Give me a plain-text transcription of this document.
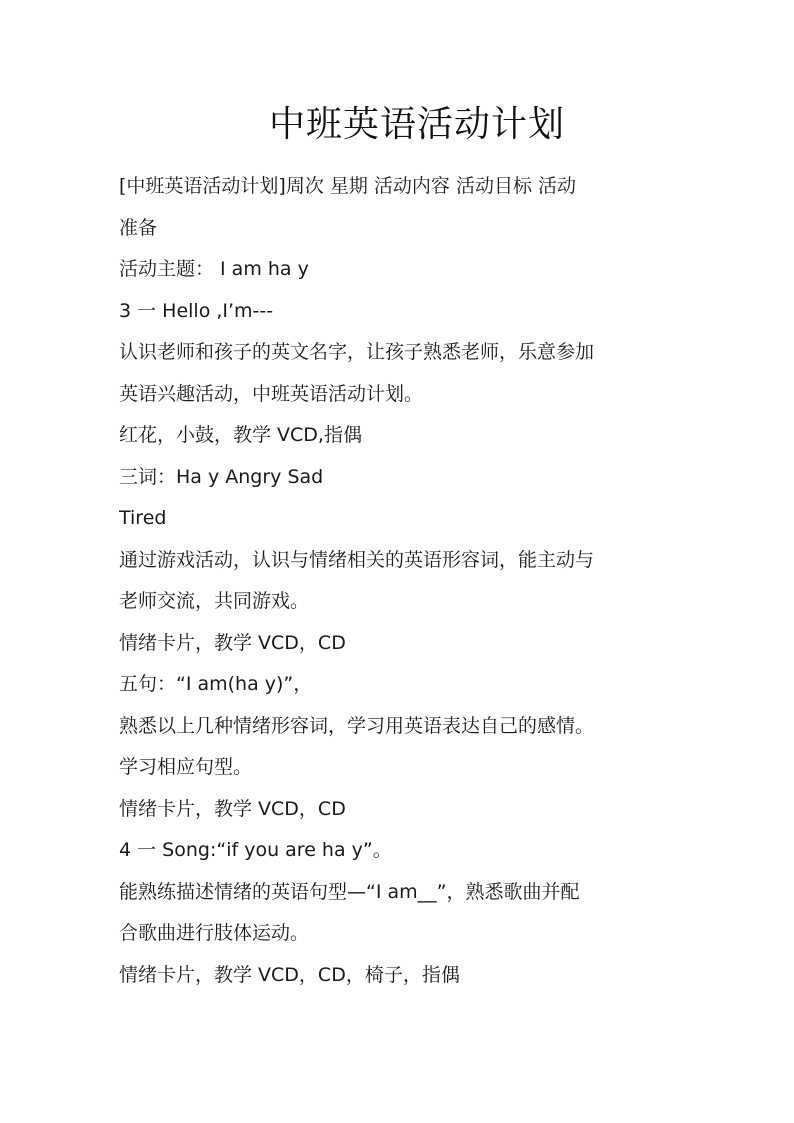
中班英语活动计划
[中班英语活动计划]周次 星期 活动内容 活动目标 活动
准备
活动主题： I am ha y
3 一 Hello ,I’m---
认识老师和孩子的英文名字，让孩子熟悉老师，乐意参加
英语兴趣活动，中班英语活动计划。
红花，小鼓，教学 VCD,指偶
三词：Ha y Angry Sad
Tired
通过游戏活动，认识与情绪相关的英语形容词，能主动与
老师交流，共同游戏。
情绪卡片，教学 VCD，CD
五句：“I am(ha y)”，
熟悉以上几种情绪形容词，学习用英语表达自己的感情。
学习相应句型。
情绪卡片，教学 VCD，CD
4 一 Song:“if you are ha y”。
能熟练描述情绪的英语句型—“I am__”，熟悉歌曲并配
合歌曲进行肢体运动。
情绪卡片，教学 VCD，CD，椅子，指偶
